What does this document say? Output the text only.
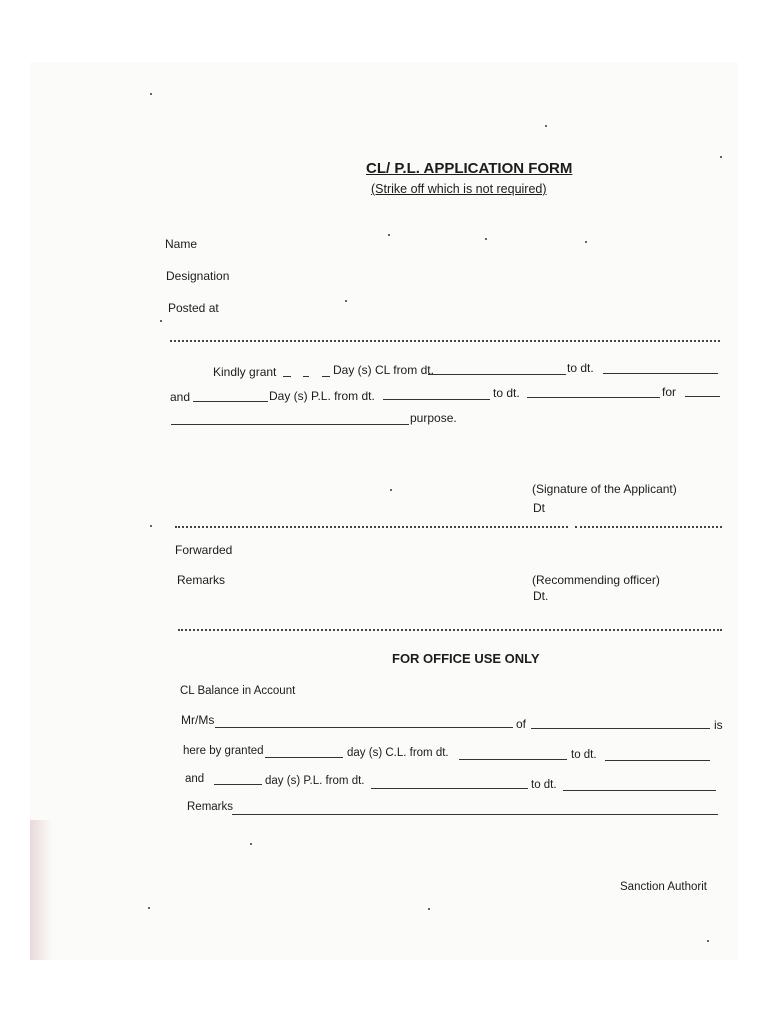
CL/ P.L. APPLICATION FORM
(Strike off which is not required)
Name
Designation
Posted at
Kindly grant	Day (s) CL from dt.	to dt.
and	Day (s) P.L. from dt.	to dt.	for
purpose.
(Signature of the Applicant)
Dt
Forwarded
Remarks	(Recommending officer)
Dt.
FOR OFFICE USE ONLY
CL Balance in Account
Mr/Ms	of	is
here by granted	day (s) C.L. from dt.	to dt.
and	day (s) P.L. from dt.	to dt.
Remarks
Sanction Authorit
